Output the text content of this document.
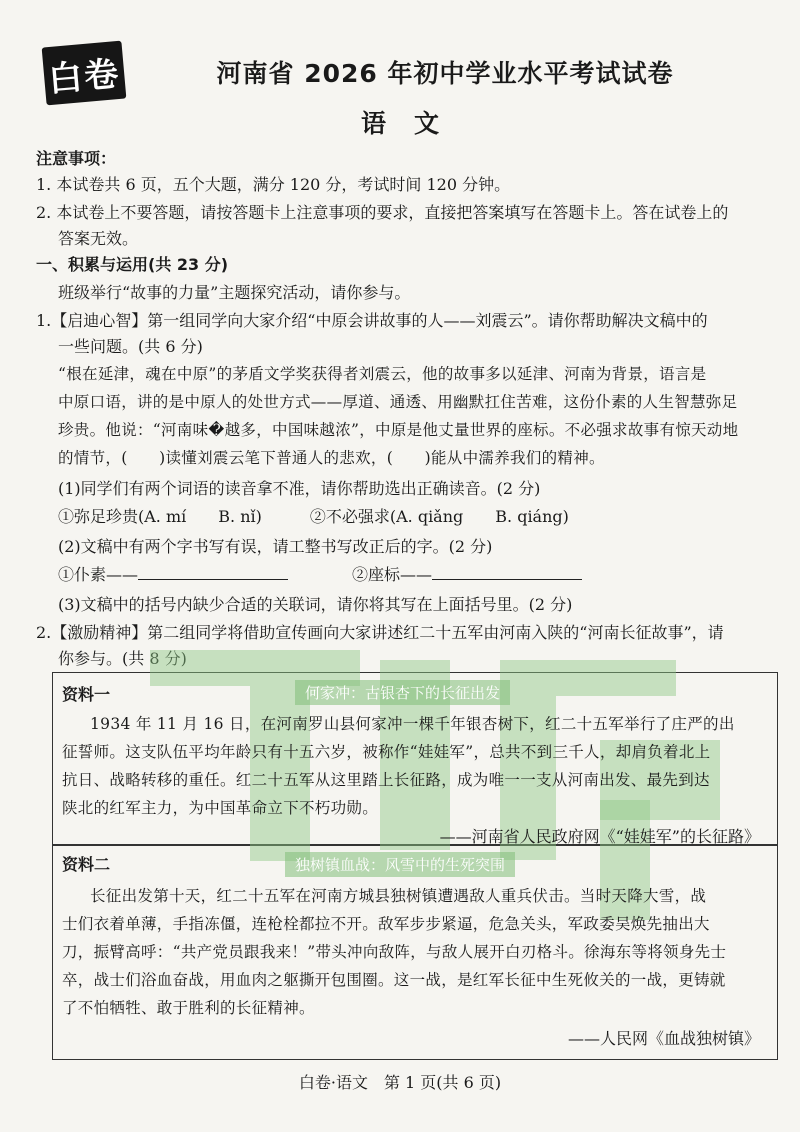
白卷	河南省 2026 年初中学业水平考试试卷
语文
注意事项：
1. 本试卷共 6 页，五个大题，满分 120 分，考试时间 120 分钟。
2. 本试卷上不要答题，请按答题卡上注意事项的要求，直接把答案填写在答题卡上。答在试卷上的
答案无效。
一、积累与运用(共 23 分)
班级举行“故事的力量”主题探究活动，请你参与。
1.【启迪心智】第一组同学向大家介绍“中原会讲故事的人——刘震云”。请你帮助解决文稿中的
一些问题。(共 6 分)
“根在延津，魂在中原”的茅盾文学奖获得者刘震云，他的故事多以延津、河南为背景，语言是
中原口语，讲的是中原人的处世方式——厚道、通透、用幽默扛住苦难，这份仆素的人生智慧弥足
珍贵。他说：“河南味�越多，中国味越浓”，中原是他丈量世界的座标。不必强求故事有惊天动地
的情节，(　　)读懂刘震云笔下普通人的悲欢，(　　)能从中濡养我们的精神。
(1)同学们有两个词语的读音拿不准，请你帮助选出正确读音。(2 分)
①弥足珍贵(A. mí　　B. nǐ)　　　②不必强求(A. qiǎng　　B. qiáng)
(2)文稿中有两个字书写有误，请工整书写改正后的字。(2 分)
①仆素——	②座标——
(3)文稿中的括号内缺少合适的关联词，请你将其写在上面括号里。(2 分)
2.【激励精神】第二组同学将借助宣传画向大家讲述红二十五军由河南入陕的“河南长征故事”，请
你参与。(共 8 分)
资料一	何家冲：古银杏下的长征出发
1934 年 11 月 16 日，在河南罗山县何家冲一棵千年银杏树下，红二十五军举行了庄严的出
征誓师。这支队伍平均年龄只有十五六岁，被称作“娃娃军”，总共不到三千人，却肩负着北上
抗日、战略转移的重任。红二十五军从这里踏上长征路，成为唯一一支从河南出发、最先到达
陕北的红军主力，为中国革命立下不朽功勋。
——河南省人民政府网《“娃娃军”的长征路》
资料二	独树镇血战：风雪中的生死突围
长征出发第十天，红二十五军在河南方城县独树镇遭遇敌人重兵伏击。当时天降大雪，战
士们衣着单薄，手指冻僵，连枪栓都拉不开。敌军步步紧逼，危急关头，军政委吴焕先抽出大
刀，振臂高呼：“共产党员跟我来！”带头冲向敌阵，与敌人展开白刃格斗。徐海东等将领身先士
卒，战士们浴血奋战，用血肉之躯撕开包围圈。这一战，是红军长征中生死攸关的一战，更铸就
了不怕牺牲、敢于胜利的长征精神。
——人民网《血战独树镇》
白卷·语文　第 1 页(共 6 页)
